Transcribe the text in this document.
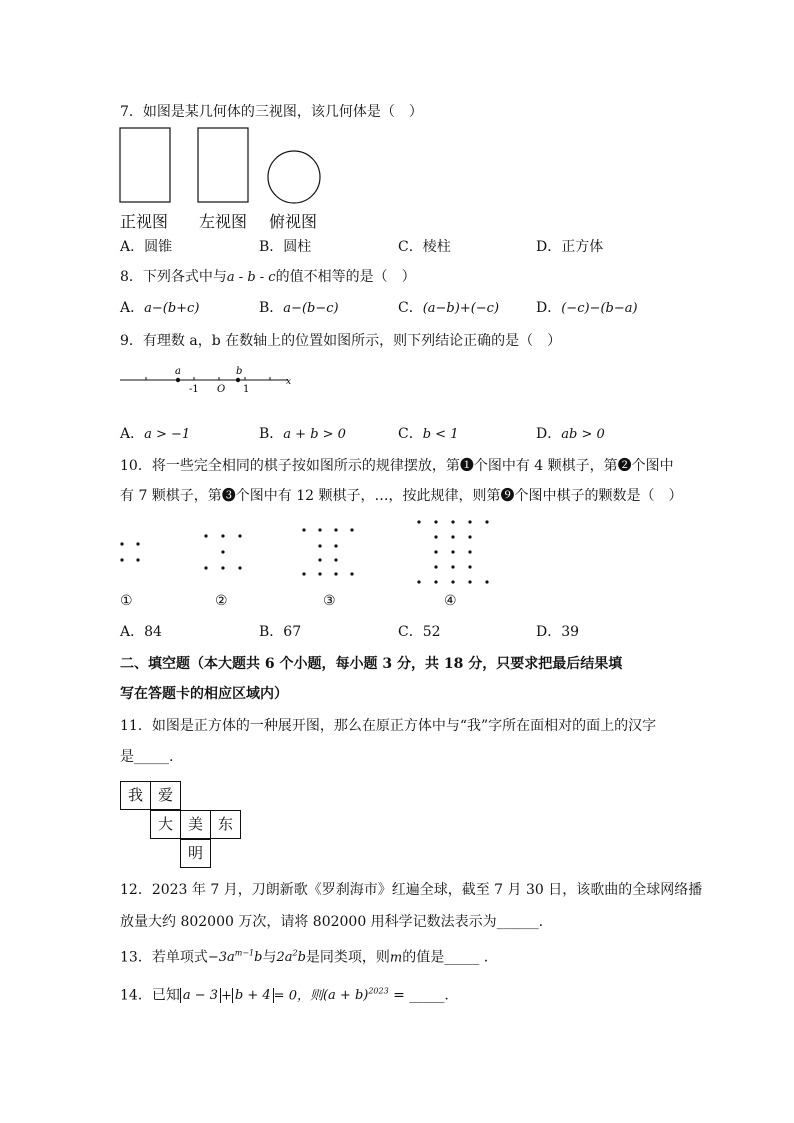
7．如图是某几何体的三视图，该几何体是（　）
正视图 左视图 俯视图
A．圆锥	B．圆柱	C．棱柱	D．正方体
8．下列各式中与a - b - c的值不相等的是（　）
A．a−(b+c)	B．a−(b−c)	C．(a−b)+(−c)	D．(−c)−(b−a)
9．有理数 a，b 在数轴上的位置如图所示，则下列结论正确的是（　）
a	b
-1 O 1
x
A．a > −1	B．a + b > 0	C．b < 1	D．ab > 0
10．将一些完全相同的棋子按如图所示的规律摆放，第❶个图中有 4 颗棋子，第❷个图中
有 7 颗棋子，第❸个图中有 12 颗棋子，…，按此规律，则第❾个图中棋子的颗数是（　）
①	②	③	④
A．84	B．67	C．52	D．39
二、填空题（本大题共 6 个小题，每小题 3 分，共 18 分，只要求把最后结果填
写在答题卡的相应区域内）
11．如图是正方体的一种展开图，那么在原正方体中与“我”字所在面相对的面上的汉字
是_____.
我 爱
大 美 东
明
12．2023 年 7 月，刀朗新歌《罗刹海市》红遍全球，截至 7 月 30 日，该歌曲的全球网络播
放量大约 802000 万次，请将 802000 用科学记数法表示为______.
13．若单项式$-3a^{m-1}b$与$2a^2b$是同类项，则m的值是_____ .
14．已知 a − 3 + b + 4 = 0，则$(a + b)^{2023}$ = _____.
